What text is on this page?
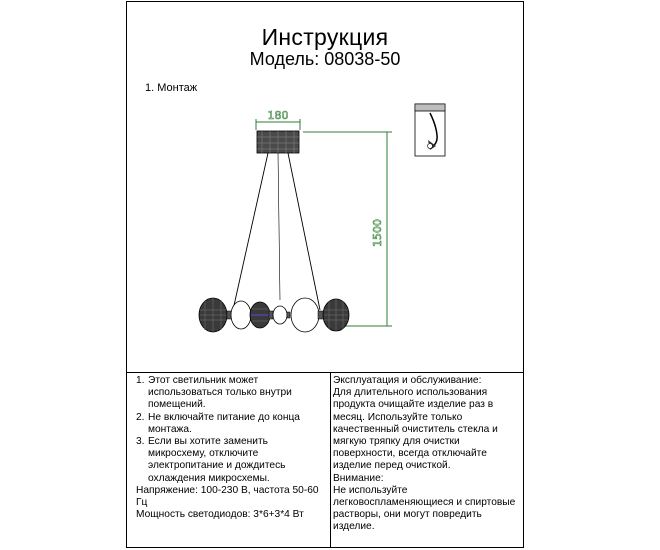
Инструкция
Модель: 08038-50
1. Монтаж
180
1500
1. Этот светильник может использоваться только внутри помещений.
2. Не включайте питание до конца монтажа.
3. Если вы хотите заменить микросхему, отключите электропитание и дождитесь охлаждения микросхемы.

Напряжение: 100-230 В, частота 50-60 Гц

Мощность светодиодов: 3*6+3*4 Вт

Эксплуатация и обслуживание:

Для длительного использования продукта очищайте изделие раз в месяц. Используйте только качественный очиститель стекла и мягкую тряпку для очистки поверхности, всегда отключайте изделие перед очисткой.

Внимание:

Не используйте легковоспламеняющиеся и спиртовые растворы, они могут повредить изделие.
